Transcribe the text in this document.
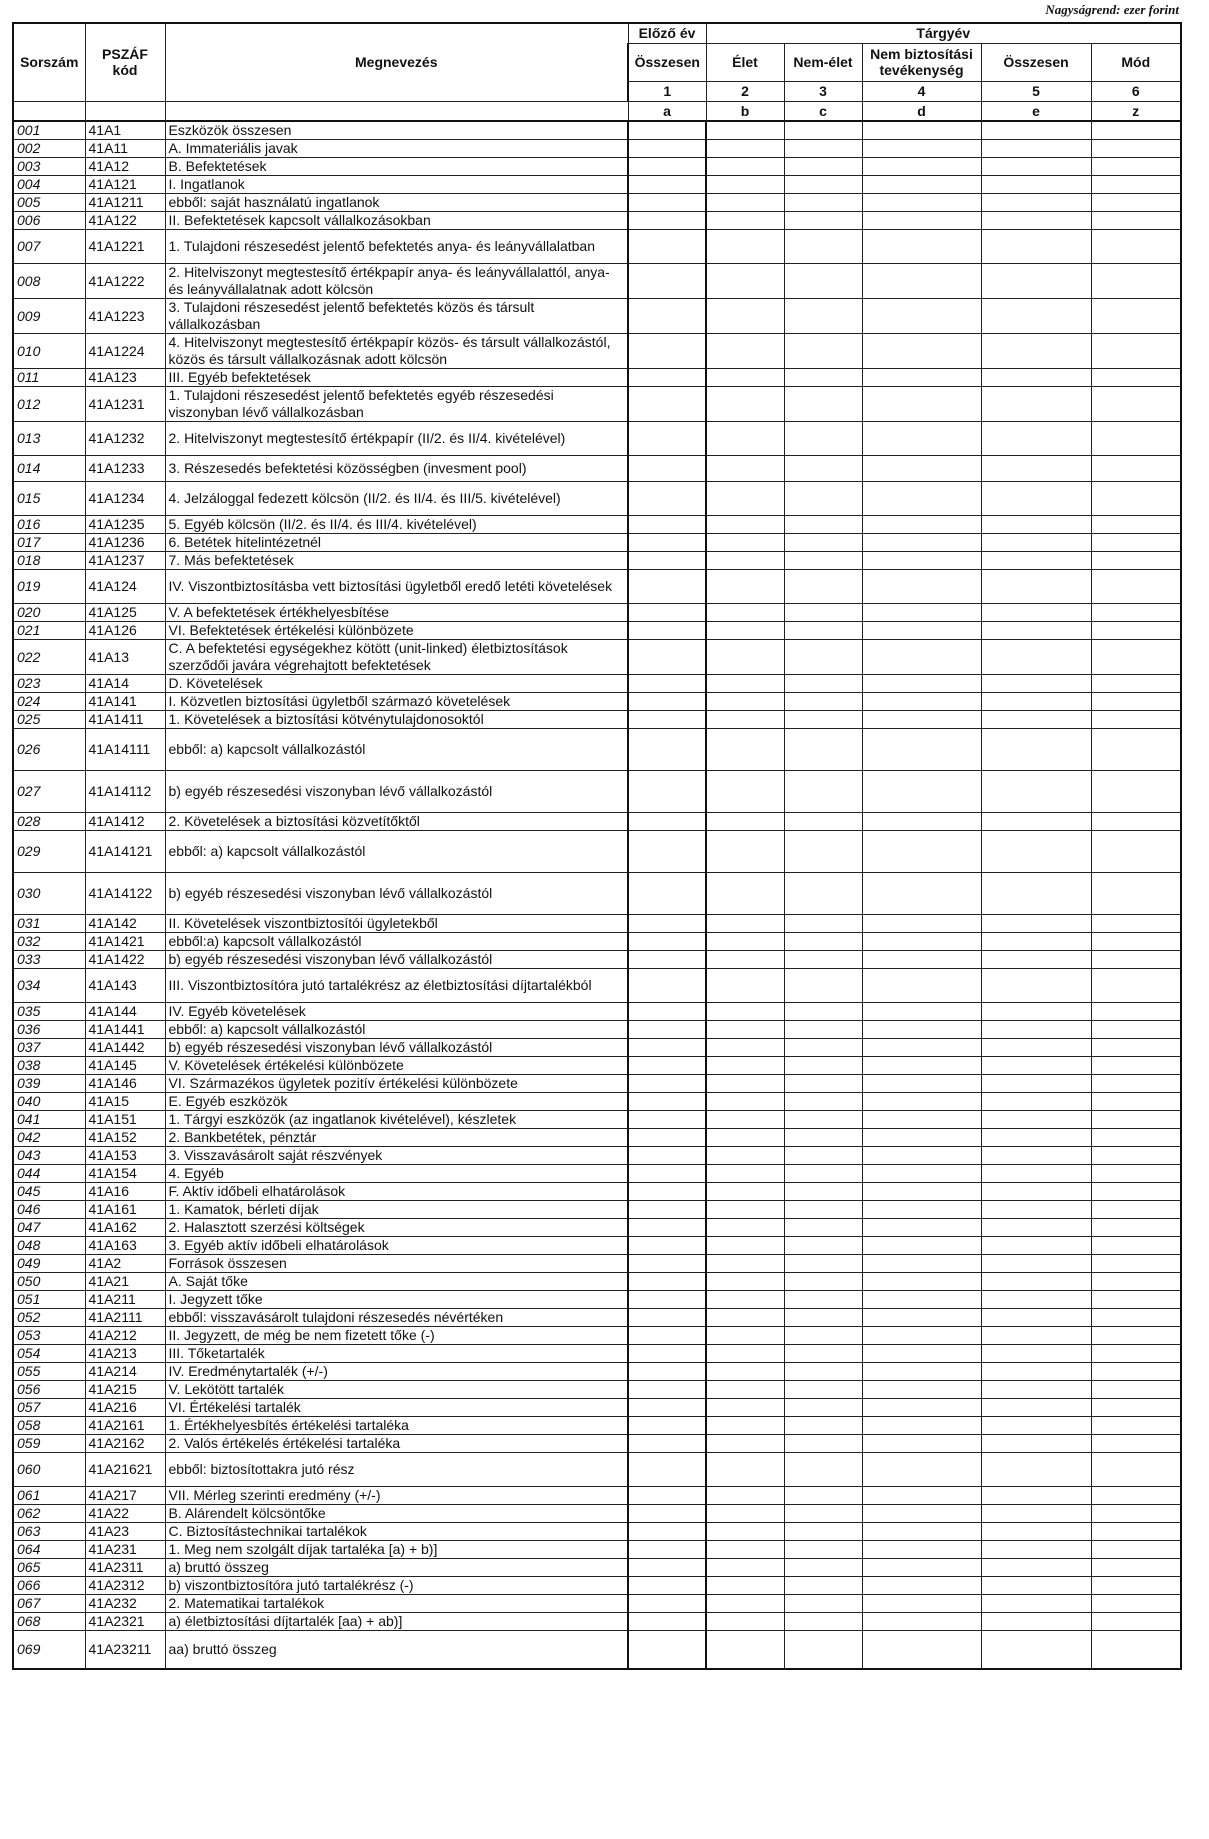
Nagyságrend: ezer forint
Sorszám	PSZÁF kód	Megnevezés	Előző év	Tárgyév				
			Összesen	Élet	Nem-élet	Nem biztosítási tevékenység	Összesen	Mód
			1	2	3	4	5	6
			a	b	c	d	e	z
001	41A1	Eszközök összesen						
002	41A11	A. Immateriális javak						
003	41A12	B. Befektetések						
004	41A121	I. Ingatlanok						
005	41A1211	ebből: saját használatú ingatlanok						
006	41A122	II. Befektetések kapcsolt vállalkozásokban						
007	41A1221	1. Tulajdoni részesedést jelentő befektetés anya- és leányvállalatban						
008	41A1222	2. Hitelviszonyt megtestesítő értékpapír anya- és leányvállalattól, anya- és leányvállalatnak adott kölcsön						
009	41A1223	3. Tulajdoni részesedést jelentő befektetés közös és társult vállalkozásban						
010	41A1224	4. Hitelviszonyt megtestesítő értékpapír közös- és társult vállalkozástól, közös és társult vállalkozásnak adott kölcsön						
011	41A123	III. Egyéb befektetések						
012	41A1231	1. Tulajdoni részesedést jelentő befektetés egyéb részesedési viszonyban lévő vállalkozásban						
013	41A1232	2. Hitelviszonyt megtestesítő értékpapír (II/2. és II/4. kivételével)						
014	41A1233	3. Részesedés befektetési közösségben (invesment pool)						
015	41A1234	4. Jelzáloggal fedezett kölcsön (II/2. és II/4. és III/5. kivételével)						
016	41A1235	5. Egyéb kölcsön (II/2. és II/4. és III/4. kivételével)						
017	41A1236	6. Betétek hitelintézetnél						
018	41A1237	7. Más befektetések						
019	41A124	IV. Viszontbiztosításba vett biztosítási ügyletből eredő letéti követelések						
020	41A125	V. A befektetések értékhelyesbítése						
021	41A126	VI. Befektetések értékelési különbözete						
022	41A13	C. A befektetési egységekhez kötött (unit-linked) életbiztosítások szerződői javára végrehajtott befektetések						
023	41A14	D. Követelések						
024	41A141	I. Közvetlen biztosítási ügyletből származó követelések						
025	41A1411	1. Követelések a biztosítási kötvénytulajdonosoktól						
026	41A14111	ebből: a) kapcsolt vállalkozástól						
027	41A14112	b) egyéb részesedési viszonyban lévő vállalkozástól						
028	41A1412	2. Követelések a biztosítási közvetítőktől						
029	41A14121	ebből: a) kapcsolt vállalkozástól						
030	41A14122	b) egyéb részesedési viszonyban lévő vállalkozástól						
031	41A142	II. Követelések viszontbiztosítói ügyletekből						
032	41A1421	ebből:a) kapcsolt vállalkozástól						
033	41A1422	b) egyéb részesedési viszonyban lévő vállalkozástól						
034	41A143	III. Viszontbiztosítóra jutó tartalékrész az életbiztosítási díjtartalékból						
035	41A144	IV. Egyéb követelések						
036	41A1441	ebből: a) kapcsolt vállalkozástól						
037	41A1442	b) egyéb részesedési viszonyban lévő vállalkozástól						
038	41A145	V. Követelések értékelési különbözete						
039	41A146	VI. Származékos ügyletek pozitív értékelési különbözete						
040	41A15	E. Egyéb eszközök						
041	41A151	1. Tárgyi eszközök (az ingatlanok kivételével), készletek						
042	41A152	2. Bankbetétek, pénztár						
043	41A153	3. Visszavásárolt saját részvények						
044	41A154	4. Egyéb						
045	41A16	F. Aktív időbeli elhatárolások						
046	41A161	1. Kamatok, bérleti díjak						
047	41A162	2. Halasztott szerzési költségek						
048	41A163	3. Egyéb aktív időbeli elhatárolások						
049	41A2	Források összesen						
050	41A21	A. Saját tőke						
051	41A211	I. Jegyzett tőke						
052	41A2111	ebből: visszavásárolt tulajdoni részesedés névértéken						
053	41A212	II. Jegyzett, de még be nem fizetett tőke (-)						
054	41A213	III. Tőketartalék						
055	41A214	IV. Eredménytartalék (+/-)						
056	41A215	V. Lekötött tartalék						
057	41A216	VI. Értékelési tartalék						
058	41A2161	1. Értékhelyesbítés értékelési tartaléka						
059	41A2162	2. Valós értékelés értékelési tartaléka						
060	41A21621	ebből: biztosítottakra jutó rész						
061	41A217	VII. Mérleg szerinti eredmény (+/-)						
062	41A22	B. Alárendelt kölcsöntőke						
063	41A23	C. Biztosítástechnikai tartalékok						
064	41A231	1. Meg nem szolgált díjak tartaléka [a) + b)]						
065	41A2311	a) bruttó összeg						
066	41A2312	b) viszontbiztosítóra jutó tartalékrész (-)						
067	41A232	2. Matematikai tartalékok						
068	41A2321	a) életbiztosítási díjtartalék [aa) + ab)]						
069	41A23211	aa) bruttó összeg						
